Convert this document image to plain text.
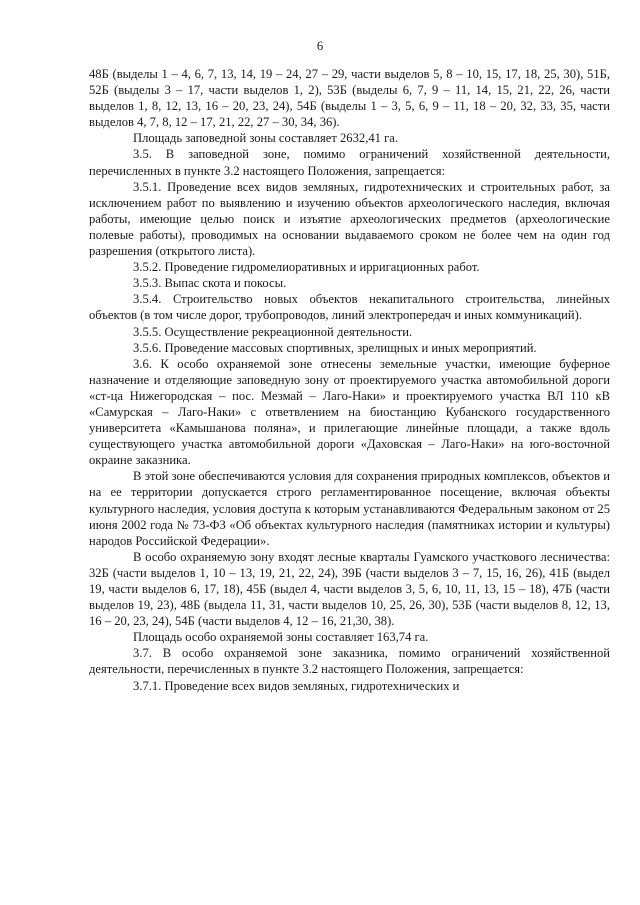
6

48Б (выделы 1 – 4, 6, 7, 13, 14, 19 – 24, 27 – 29, части выделов 5, 8 – 10, 15, 17, 18, 25, 30), 51Б, 52Б (выделы 3 – 17, части выделов 1, 2), 53Б (выделы 6, 7, 9 – 11, 14, 15, 21, 22, 26, части выделов 1, 8, 12, 13, 16 – 20, 23, 24), 54Б (выделы 1 – 3, 5, 6, 9 – 11, 18 – 20, 32, 33, 35, части выделов 4, 7, 8, 12 – 17, 21, 22, 27 – 30, 34, 36).

Площадь заповедной зоны составляет 2632,41 га.

3.5. В заповедной зоне, помимо ограничений хозяйственной деятельности, перечисленных в пункте 3.2 настоящего Положения, запрещается:

3.5.1. Проведение всех видов земляных, гидротехнических и строительных работ, за исключением работ по выявлению и изучению объектов археологического наследия, включая работы, имеющие целью поиск и изъятие археологических предметов (археологические полевые работы), проводимых на основании выдаваемого сроком не более чем на один год разрешения (открытого листа).

3.5.2. Проведение гидромелиоративных и ирригационных работ.

3.5.3. Выпас скота и покосы.

3.5.4. Строительство новых объектов некапитального строительства, линейных объектов (в том числе дорог, трубопроводов, линий электропередач и иных коммуникаций).

3.5.5. Осуществление рекреационной деятельности.

3.5.6. Проведение массовых спортивных, зрелищных и иных мероприятий.

3.6. К особо охраняемой зоне отнесены земельные участки, имеющие буферное назначение и отделяющие заповедную зону от проектируемого участка автомобильной дороги «ст-ца Нижегородская – пос. Мезмай – Лаго-Наки» и проектируемого участка ВЛ 110 кВ «Самурская – Лаго-Наки» с ответвлением на биостанцию Кубанского государственного университета «Камышанова поляна», и прилегающие линейные площади, а также вдоль существующего участка автомобильной дороги «Даховская – Лаго-Наки» на юго-восточной окраине заказника.

В этой зоне обеспечиваются условия для сохранения природных комплексов, объектов и на ее территории допускается строго регламентированное посещение, включая объекты культурного наследия, условия доступа к которым устанавливаются Федеральным законом от 25 июня 2002 года № 73-ФЗ «Об объектах культурного наследия (памятниках истории и культуры) народов Российской Федерации».

В особо охраняемую зону входят лесные кварталы Гуамского участкового лесничества: 32Б (части выделов 1, 10 – 13, 19, 21, 22, 24), 39Б (части выделов 3 – 7, 15, 16, 26), 41Б (выдел 19, части выделов 6, 17, 18), 45Б (выдел 4, части выделов 3, 5, 6, 10, 11, 13, 15 – 18), 47Б (части выделов 19, 23), 48Б (выдела 11, 31, части выделов 10, 25, 26, 30), 53Б (части выделов 8, 12, 13, 16 – 20, 23, 24), 54Б (части выделов 4, 12 – 16, 21,30, 38).

Площадь особо охраняемой зоны составляет 163,74 га.

3.7. В особо охраняемой зоне заказника, помимо ограничений хозяйственной деятельности, перечисленных в пункте 3.2 настоящего Положения, запрещается:

3.7.1. Проведение всех видов земляных, гидротехнических и
